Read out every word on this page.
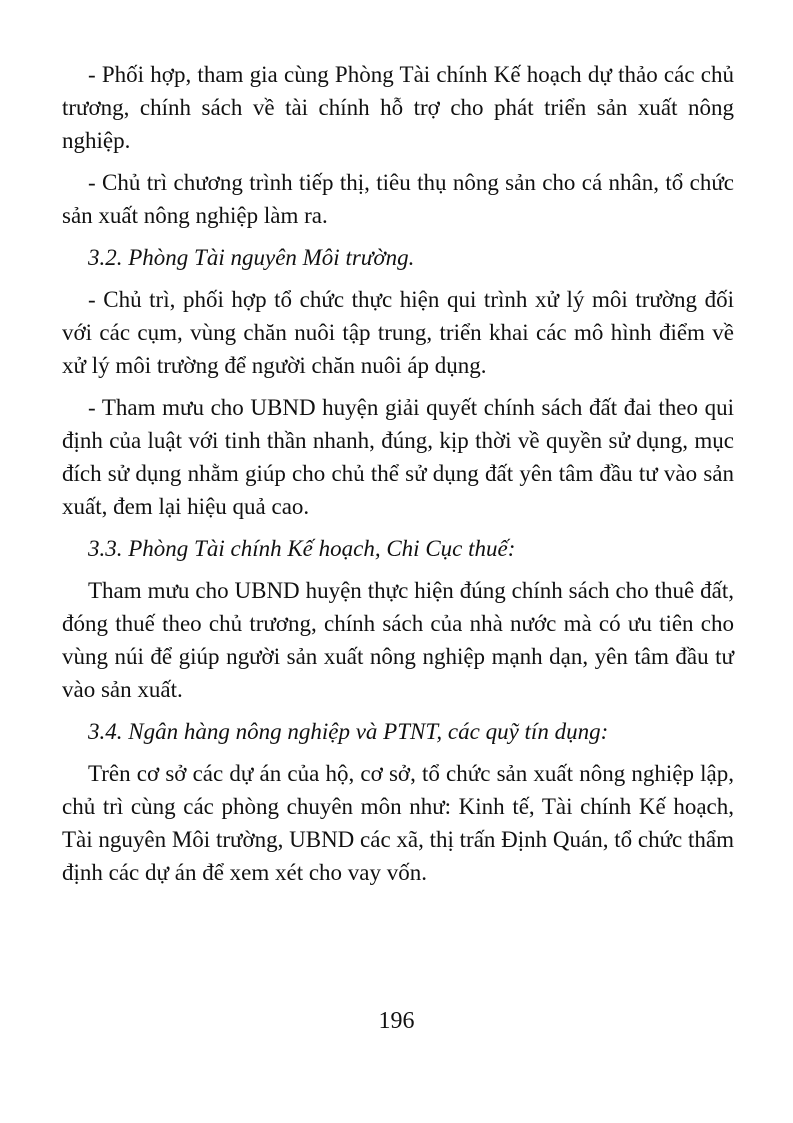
- Phối hợp, tham gia cùng Phòng Tài chính Kế hoạch dự thảo các chủ trương, chính sách về tài chính hỗ trợ cho phát triển sản xuất nông nghiệp.

- Chủ trì chương trình tiếp thị, tiêu thụ nông sản cho cá nhân, tổ chức sản xuất nông nghiệp làm ra.

3.2. Phòng Tài nguyên Môi trường.

- Chủ trì, phối hợp tổ chức thực hiện qui trình xử lý môi trường đối với các cụm, vùng chăn nuôi tập trung, triển khai các mô hình điểm về xử lý môi trường để người chăn nuôi áp dụng.

- Tham mưu cho UBND huyện giải quyết chính sách đất đai theo qui định của luật với tinh thần nhanh, đúng, kịp thời về quyền sử dụng, mục đích sử dụng nhằm giúp cho chủ thể sử dụng đất yên tâm đầu tư vào sản xuất, đem lại hiệu quả cao.

3.3. Phòng Tài chính Kế hoạch, Chi Cục thuế:

Tham mưu cho UBND huyện thực hiện đúng chính sách cho thuê đất, đóng thuế theo chủ trương, chính sách của nhà nước mà có ưu tiên cho vùng núi để giúp người sản xuất nông nghiệp mạnh dạn, yên tâm đầu tư vào sản xuất.

3.4. Ngân hàng nông nghiệp và PTNT, các quỹ tín dụng:

Trên cơ sở các dự án của hộ, cơ sở, tổ chức sản xuất nông nghiệp lập, chủ trì cùng các phòng chuyên môn như: Kinh tế, Tài chính Kế hoạch, Tài nguyên Môi trường, UBND các xã, thị trấn Định Quán, tổ chức thẩm định các dự án để xem xét cho vay vốn.

196
